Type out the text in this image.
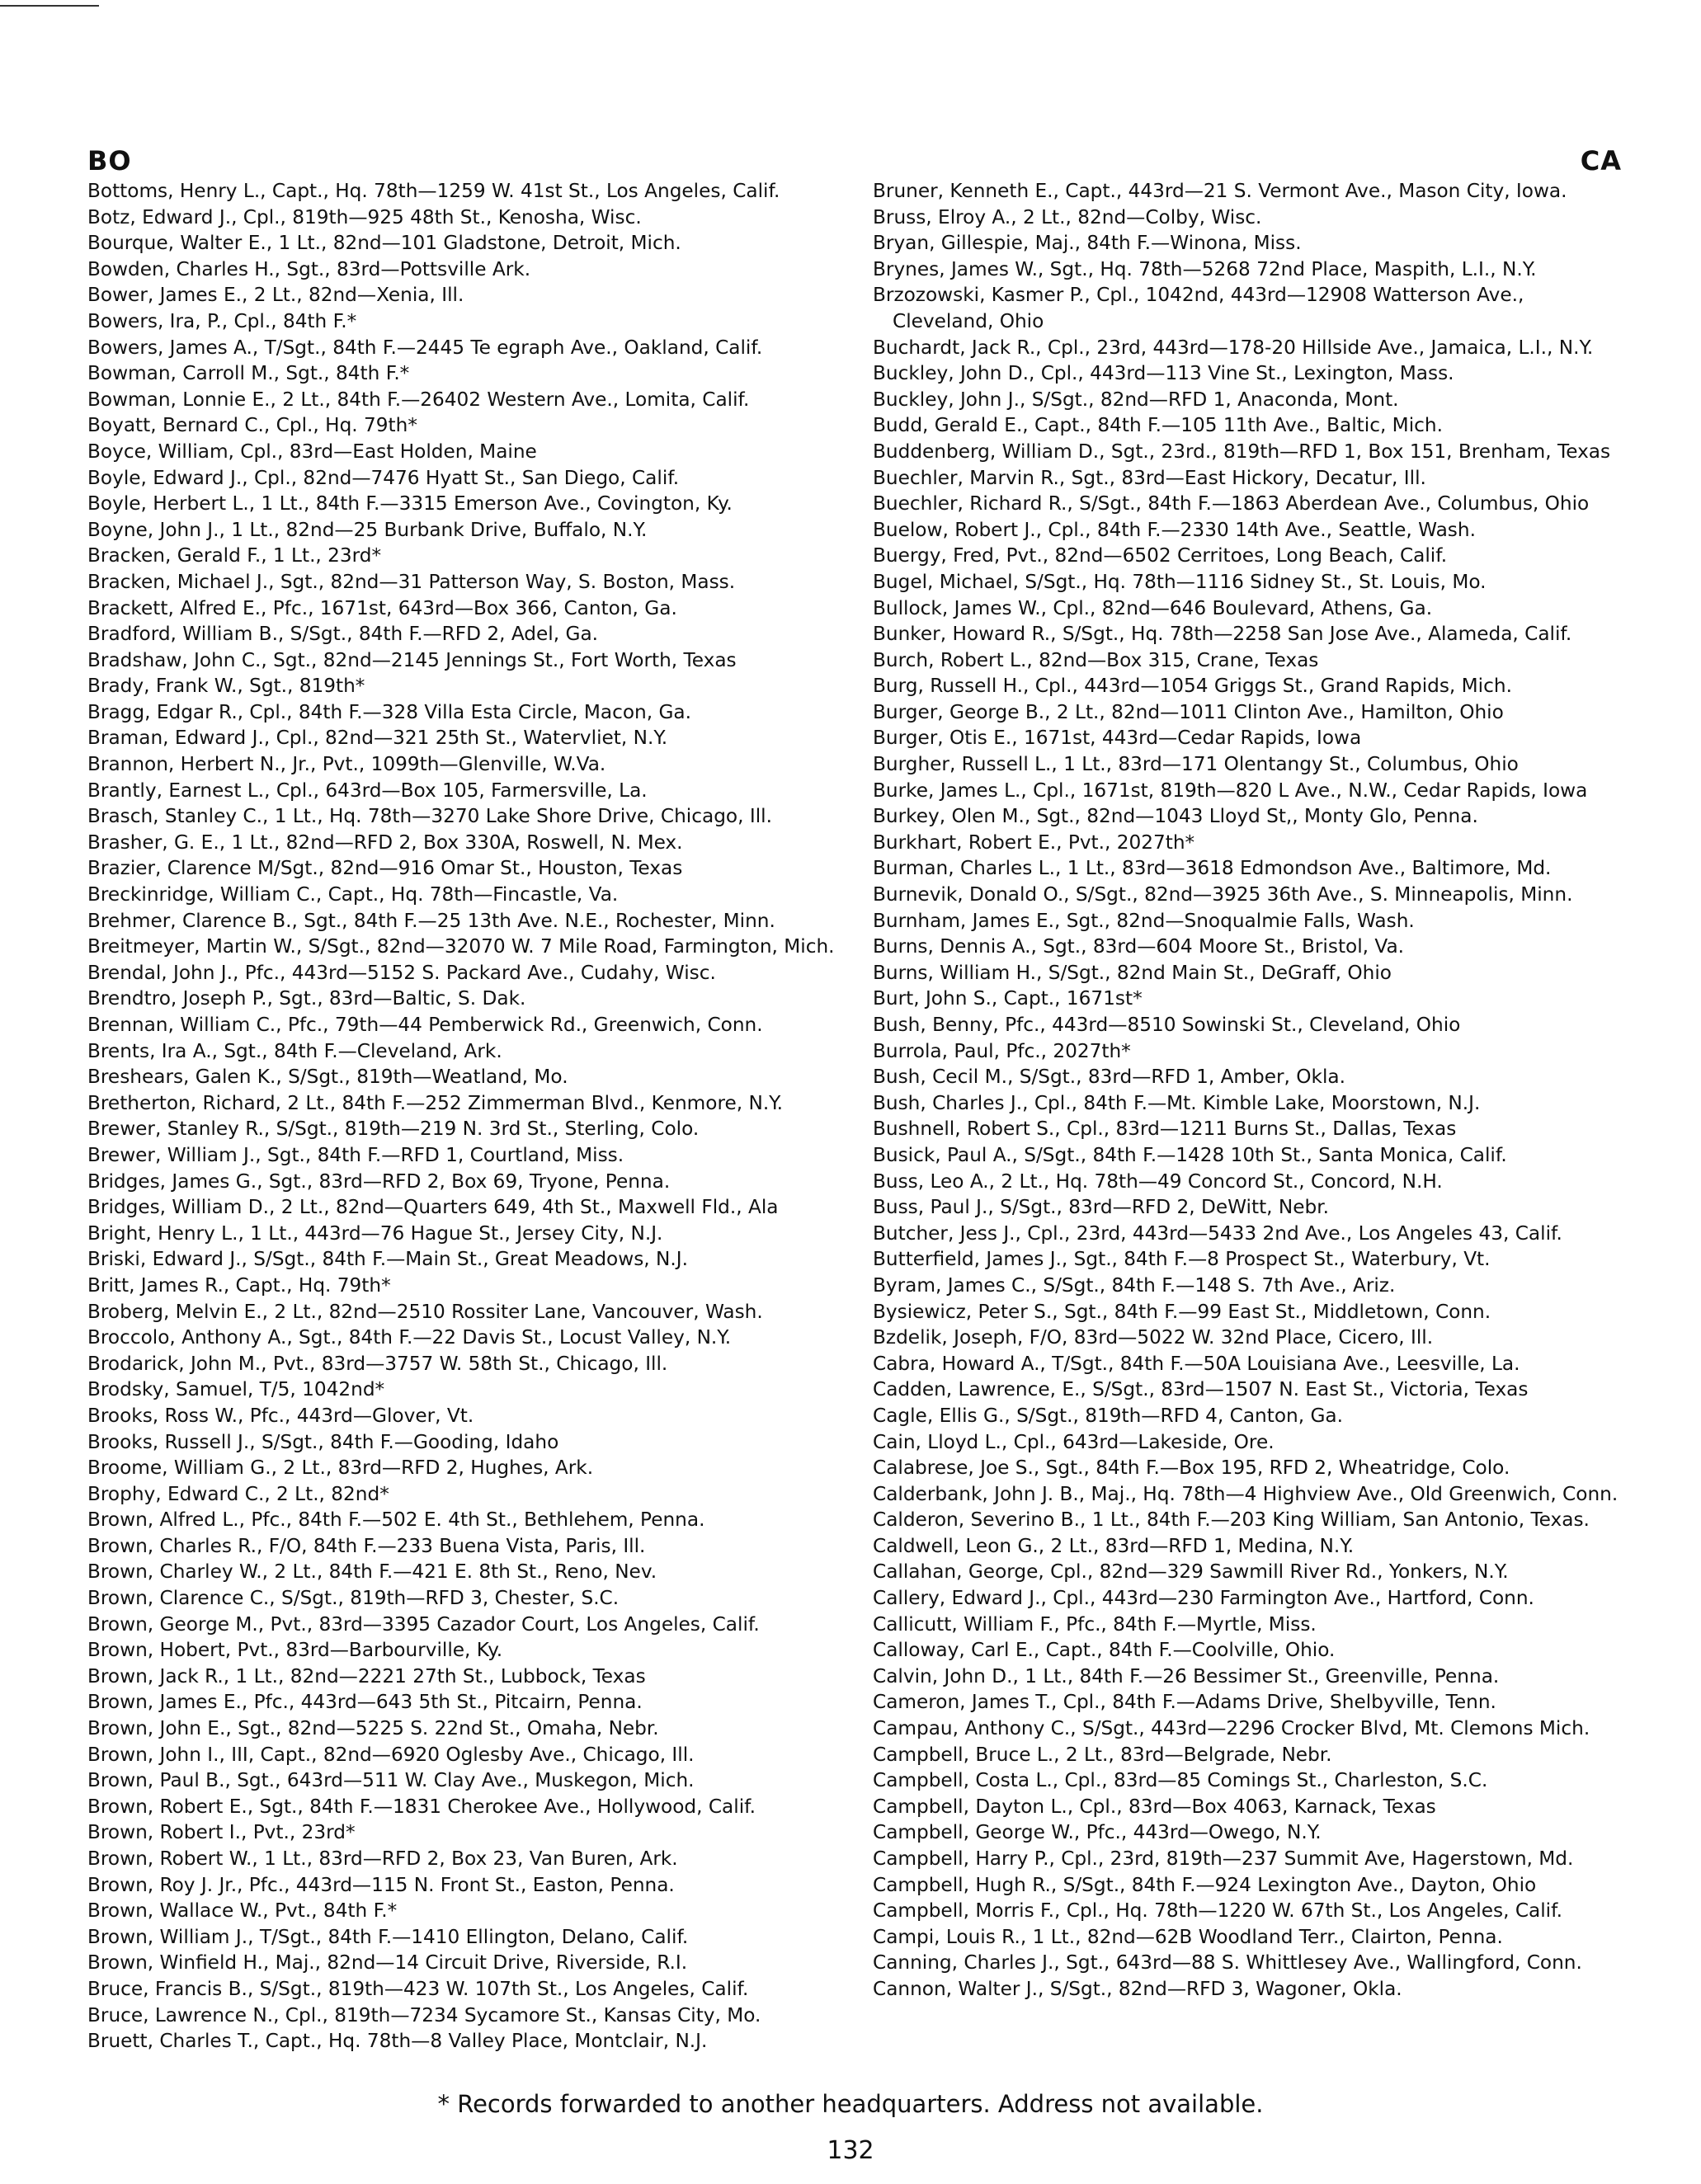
BO	CA
Bottoms, Henry L., Capt., Hq. 78th—1259 W. 41st St., Los Angeles, Calif.
Botz, Edward J., Cpl., 819th—925 48th St., Kenosha, Wisc.
Bourque, Walter E., 1 Lt., 82nd—101 Gladstone, Detroit, Mich.
Bowden, Charles H., Sgt., 83rd—Pottsville Ark.
Bower, James E., 2 Lt., 82nd—Xenia, Ill.
Bowers, Ira, P., Cpl., 84th F.*
Bowers, James A., T/Sgt., 84th F.—2445 Te egraph Ave., Oakland, Calif.
Bowman, Carroll M., Sgt., 84th F.*
Bowman, Lonnie E., 2 Lt., 84th F.—26402 Western Ave., Lomita, Calif.
Boyatt, Bernard C., Cpl., Hq. 79th*
Boyce, William, Cpl., 83rd—East Holden, Maine
Boyle, Edward J., Cpl., 82nd—7476 Hyatt St., San Diego, Calif.
Boyle, Herbert L., 1 Lt., 84th F.—3315 Emerson Ave., Covington, Ky.
Boyne, John J., 1 Lt., 82nd—25 Burbank Drive, Buffalo, N.Y.
Bracken, Gerald F., 1 Lt., 23rd*
Bracken, Michael J., Sgt., 82nd—31 Patterson Way, S. Boston, Mass.
Brackett, Alfred E., Pfc., 1671st, 643rd—Box 366, Canton, Ga.
Bradford, William B., S/Sgt., 84th F.—RFD 2, Adel, Ga.
Bradshaw, John C., Sgt., 82nd—2145 Jennings St., Fort Worth, Texas
Brady, Frank W., Sgt., 819th*
Bragg, Edgar R., Cpl., 84th F.—328 Villa Esta Circle, Macon, Ga.
Braman, Edward J., Cpl., 82nd—321 25th St., Watervliet, N.Y.
Brannon, Herbert N., Jr., Pvt., 1099th—Glenville, W.Va.
Brantly, Earnest L., Cpl., 643rd—Box 105, Farmersville, La.
Brasch, Stanley C., 1 Lt., Hq. 78th—3270 Lake Shore Drive, Chicago, Ill.
Brasher, G. E., 1 Lt., 82nd—RFD 2, Box 330A, Roswell, N. Mex.
Brazier, Clarence M/Sgt., 82nd—916 Omar St., Houston, Texas
Breckinridge, William C., Capt., Hq. 78th—Fincastle, Va.
Brehmer, Clarence B., Sgt., 84th F.—25 13th Ave. N.E., Rochester, Minn.
Breitmeyer, Martin W., S/Sgt., 82nd—32070 W. 7 Mile Road, Farmington, Mich.
Brendal, John J., Pfc., 443rd—5152 S. Packard Ave., Cudahy, Wisc.
Brendtro, Joseph P., Sgt., 83rd—Baltic, S. Dak.
Brennan, William C., Pfc., 79th—44 Pemberwick Rd., Greenwich, Conn.
Brents, Ira A., Sgt., 84th F.—Cleveland, Ark.
Breshears, Galen K., S/Sgt., 819th—Weatland, Mo.
Bretherton, Richard, 2 Lt., 84th F.—252 Zimmerman Blvd., Kenmore, N.Y.
Brewer, Stanley R., S/Sgt., 819th—219 N. 3rd St., Sterling, Colo.
Brewer, William J., Sgt., 84th F.—RFD 1, Courtland, Miss.
Bridges, James G., Sgt., 83rd—RFD 2, Box 69, Tryone, Penna.
Bridges, William D., 2 Lt., 82nd—Quarters 649, 4th St., Maxwell Fld., Ala
Bright, Henry L., 1 Lt., 443rd—76 Hague St., Jersey City, N.J.
Briski, Edward J., S/Sgt., 84th F.—Main St., Great Meadows, N.J.
Britt, James R., Capt., Hq. 79th*
Broberg, Melvin E., 2 Lt., 82nd—2510 Rossiter Lane, Vancouver, Wash.
Broccolo, Anthony A., Sgt., 84th F.—22 Davis St., Locust Valley, N.Y.
Brodarick, John M., Pvt., 83rd—3757 W. 58th St., Chicago, Ill.
Brodsky, Samuel, T/5, 1042nd*
Brooks, Ross W., Pfc., 443rd—Glover, Vt.
Brooks, Russell J., S/Sgt., 84th F.—Gooding, Idaho
Broome, William G., 2 Lt., 83rd—RFD 2, Hughes, Ark.
Brophy, Edward C., 2 Lt., 82nd*
Brown, Alfred L., Pfc., 84th F.—502 E. 4th St., Bethlehem, Penna.
Brown, Charles R., F/O, 84th F.—233 Buena Vista, Paris, Ill.
Brown, Charley W., 2 Lt., 84th F.—421 E. 8th St., Reno, Nev.
Brown, Clarence C., S/Sgt., 819th—RFD 3, Chester, S.C.
Brown, George M., Pvt., 83rd—3395 Cazador Court, Los Angeles, Calif.
Brown, Hobert, Pvt., 83rd—Barbourville, Ky.
Brown, Jack R., 1 Lt., 82nd—2221 27th St., Lubbock, Texas
Brown, James E., Pfc., 443rd—643 5th St., Pitcairn, Penna.
Brown, John E., Sgt., 82nd—5225 S. 22nd St., Omaha, Nebr.
Brown, John I., III, Capt., 82nd—6920 Oglesby Ave., Chicago, Ill.
Brown, Paul B., Sgt., 643rd—511 W. Clay Ave., Muskegon, Mich.
Brown, Robert E., Sgt., 84th F.—1831 Cherokee Ave., Hollywood, Calif.
Brown, Robert I., Pvt., 23rd*
Brown, Robert W., 1 Lt., 83rd—RFD 2, Box 23, Van Buren, Ark.
Brown, Roy J. Jr., Pfc., 443rd—115 N. Front St., Easton, Penna.
Brown, Wallace W., Pvt., 84th F.*
Brown, William J., T/Sgt., 84th F.—1410 Ellington, Delano, Calif.
Brown, Winfield H., Maj., 82nd—14 Circuit Drive, Riverside, R.I.
Bruce, Francis B., S/Sgt., 819th—423 W. 107th St., Los Angeles, Calif.
Bruce, Lawrence N., Cpl., 819th—7234 Sycamore St., Kansas City, Mo.
Bruett, Charles T., Capt., Hq. 78th—8 Valley Place, Montclair, N.J.
Bruner, Kenneth E., Capt., 443rd—21 S. Vermont Ave., Mason City, Iowa.
Bruss, Elroy A., 2 Lt., 82nd—Colby, Wisc.
Bryan, Gillespie, Maj., 84th F.—Winona, Miss.
Brynes, James W., Sgt., Hq. 78th—5268 72nd Place, Maspith, L.I., N.Y.
Brzozowski, Kasmer P., Cpl., 1042nd, 443rd—12908 Watterson Ave., Cleveland, Ohio
Buchardt, Jack R., Cpl., 23rd, 443rd—178-20 Hillside Ave., Jamaica, L.I., N.Y.
Buckley, John D., Cpl., 443rd—113 Vine St., Lexington, Mass.
Buckley, John J., S/Sgt., 82nd—RFD 1, Anaconda, Mont.
Budd, Gerald E., Capt., 84th F.—105 11th Ave., Baltic, Mich.
Buddenberg, William D., Sgt., 23rd., 819th—RFD 1, Box 151, Brenham, Texas
Buechler, Marvin R., Sgt., 83rd—East Hickory, Decatur, Ill.
Buechler, Richard R., S/Sgt., 84th F.—1863 Aberdean Ave., Columbus, Ohio
Buelow, Robert J., Cpl., 84th F.—2330 14th Ave., Seattle, Wash.
Buergy, Fred, Pvt., 82nd—6502 Cerritoes, Long Beach, Calif.
Bugel, Michael, S/Sgt., Hq. 78th—1116 Sidney St., St. Louis, Mo.
Bullock, James W., Cpl., 82nd—646 Boulevard, Athens, Ga.
Bunker, Howard R., S/Sgt., Hq. 78th—2258 San Jose Ave., Alameda, Calif.
Burch, Robert L., 82nd—Box 315, Crane, Texas
Burg, Russell H., Cpl., 443rd—1054 Griggs St., Grand Rapids, Mich.
Burger, George B., 2 Lt., 82nd—1011 Clinton Ave., Hamilton, Ohio
Burger, Otis E., 1671st, 443rd—Cedar Rapids, Iowa
Burgher, Russell L., 1 Lt., 83rd—171 Olentangy St., Columbus, Ohio
Burke, James L., Cpl., 1671st, 819th—820 L Ave., N.W., Cedar Rapids, Iowa
Burkey, Olen M., Sgt., 82nd—1043 Lloyd St,, Monty Glo, Penna.
Burkhart, Robert E., Pvt., 2027th*
Burman, Charles L., 1 Lt., 83rd—3618 Edmondson Ave., Baltimore, Md.
Burnevik, Donald O., S/Sgt., 82nd—3925 36th Ave., S. Minneapolis, Minn.
Burnham, James E., Sgt., 82nd—Snoqualmie Falls, Wash.
Burns, Dennis A., Sgt., 83rd—604 Moore St., Bristol, Va.
Burns, William H., S/Sgt., 82nd Main St., DeGraff, Ohio
Burt, John S., Capt., 1671st*
Bush, Benny, Pfc., 443rd—8510 Sowinski St., Cleveland, Ohio
Burrola, Paul, Pfc., 2027th*
Bush, Cecil M., S/Sgt., 83rd—RFD 1, Amber, Okla.
Bush, Charles J., Cpl., 84th F.—Mt. Kimble Lake, Moorstown, N.J.
Bushnell, Robert S., Cpl., 83rd—1211 Burns St., Dallas, Texas
Busick, Paul A., S/Sgt., 84th F.—1428 10th St., Santa Monica, Calif.
Buss, Leo A., 2 Lt., Hq. 78th—49 Concord St., Concord, N.H.
Buss, Paul J., S/Sgt., 83rd—RFD 2, DeWitt, Nebr.
Butcher, Jess J., Cpl., 23rd, 443rd—5433 2nd Ave., Los Angeles 43, Calif.
Butterfield, James J., Sgt., 84th F.—8 Prospect St., Waterbury, Vt.
Byram, James C., S/Sgt., 84th F.—148 S. 7th Ave., Ariz.
Bysiewicz, Peter S., Sgt., 84th F.—99 East St., Middletown, Conn.
Bzdelik, Joseph, F/O, 83rd—5022 W. 32nd Place, Cicero, Ill.
Cabra, Howard A., T/Sgt., 84th F.—50A Louisiana Ave., Leesville, La.
Cadden, Lawrence, E., S/Sgt., 83rd—1507 N. East St., Victoria, Texas
Cagle, Ellis G., S/Sgt., 819th—RFD 4, Canton, Ga.
Cain, Lloyd L., Cpl., 643rd—Lakeside, Ore.
Calabrese, Joe S., Sgt., 84th F.—Box 195, RFD 2, Wheatridge, Colo.
Calderbank, John J. B., Maj., Hq. 78th—4 Highview Ave., Old Greenwich, Conn.
Calderon, Severino B., 1 Lt., 84th F.—203 King William, San Antonio, Texas.
Caldwell, Leon G., 2 Lt., 83rd—RFD 1, Medina, N.Y.
Callahan, George, Cpl., 82nd—329 Sawmill River Rd., Yonkers, N.Y.
Callery, Edward J., Cpl., 443rd—230 Farmington Ave., Hartford, Conn.
Callicutt, William F., Pfc., 84th F.—Myrtle, Miss.
Calloway, Carl E., Capt., 84th F.—Coolville, Ohio.
Calvin, John D., 1 Lt., 84th F.—26 Bessimer St., Greenville, Penna.
Cameron, James T., Cpl., 84th F.—Adams Drive, Shelbyville, Tenn.
Campau, Anthony C., S/Sgt., 443rd—2296 Crocker Blvd, Mt. Clemons Mich.
Campbell, Bruce L., 2 Lt., 83rd—Belgrade, Nebr.
Campbell, Costa L., Cpl., 83rd—85 Comings St., Charleston, S.C.
Campbell, Dayton L., Cpl., 83rd—Box 4063, Karnack, Texas
Campbell, George W., Pfc., 443rd—Owego, N.Y.
Campbell, Harry P., Cpl., 23rd, 819th—237 Summit Ave, Hagerstown, Md.
Campbell, Hugh R., S/Sgt., 84th F.—924 Lexington Ave., Dayton, Ohio
Campbell, Morris F., Cpl., Hq. 78th—1220 W. 67th St., Los Angeles, Calif.
Campi, Louis R., 1 Lt., 82nd—62B Woodland Terr., Clairton, Penna.
Canning, Charles J., Sgt., 643rd—88 S. Whittlesey Ave., Wallingford, Conn.
Cannon, Walter J., S/Sgt., 82nd—RFD 3, Wagoner, Okla.
* Records forwarded to another headquarters. Address not available.
132
